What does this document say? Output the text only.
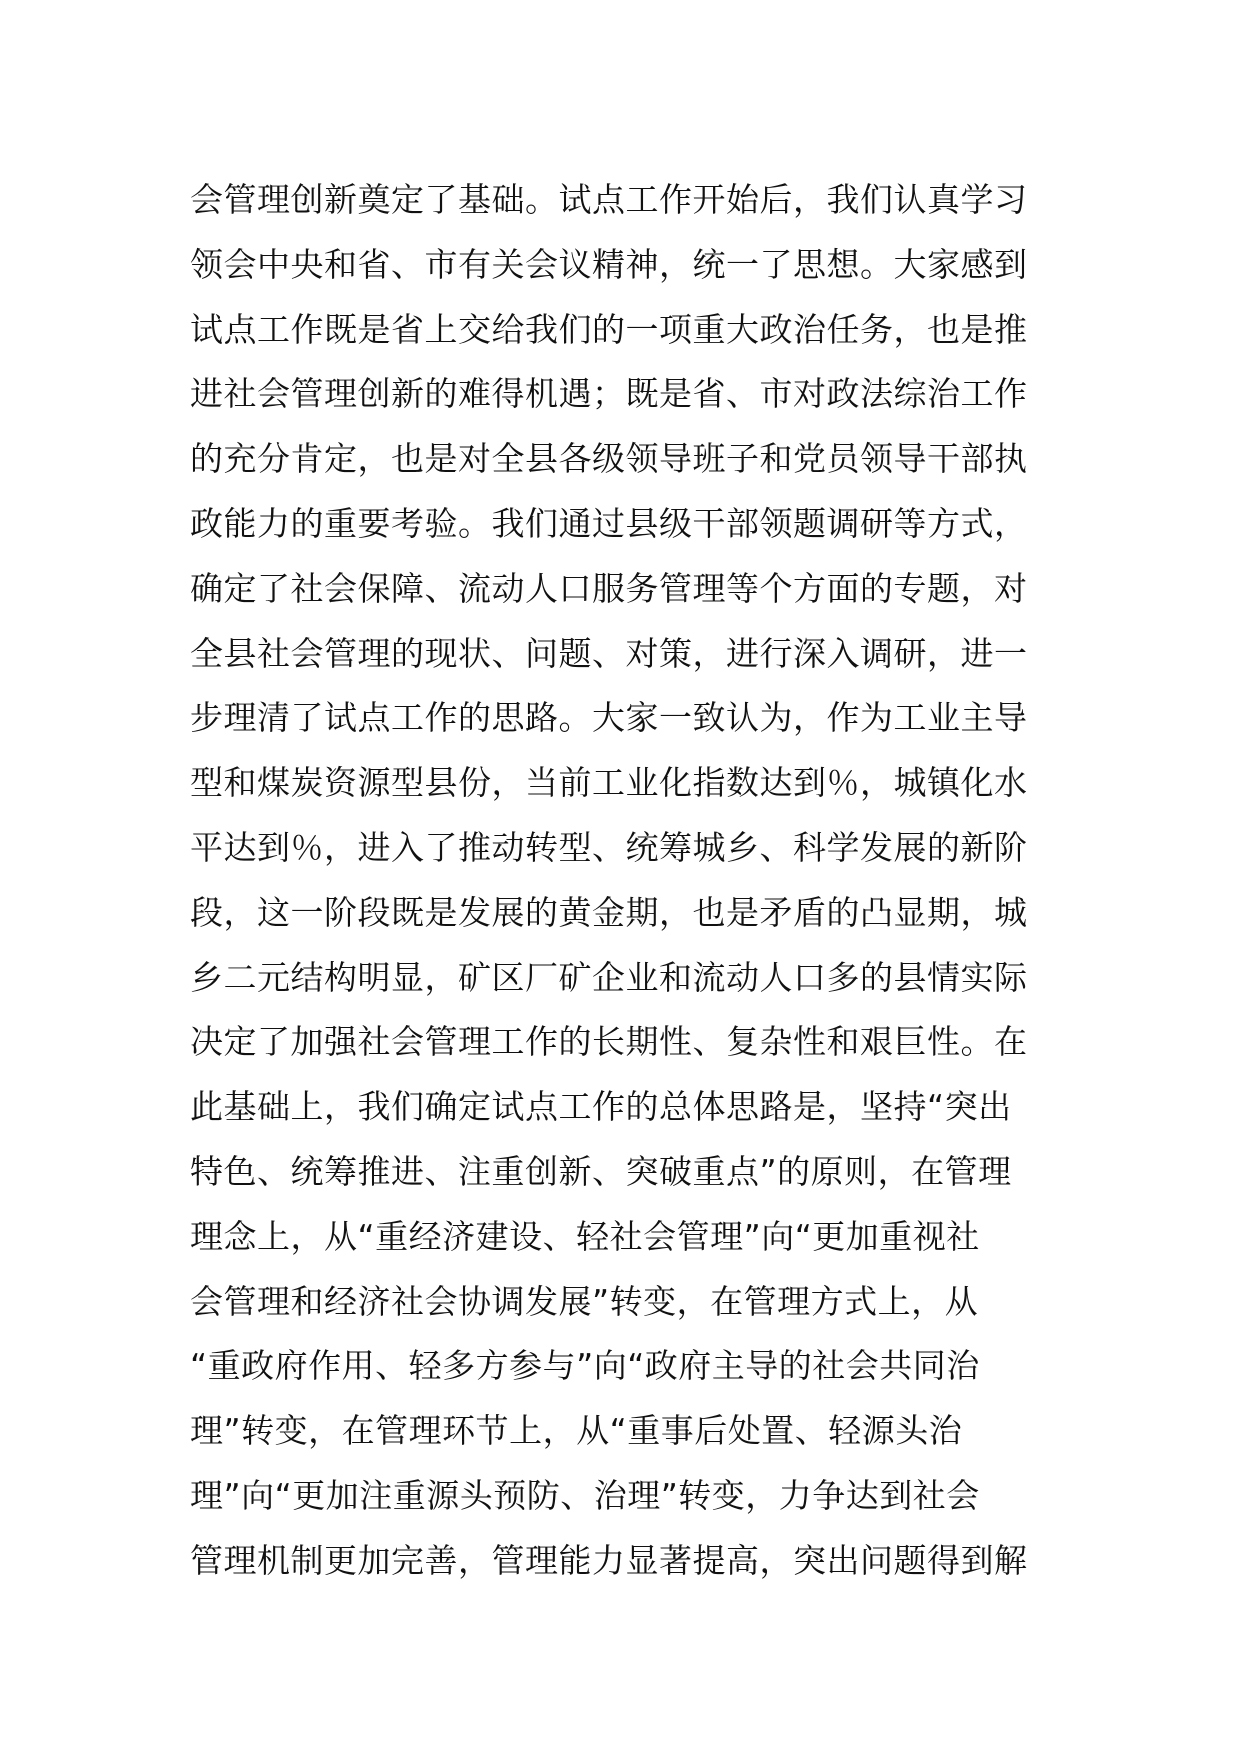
会管理创新奠定了基础。试点工作开始后，我们认真学习
领会中央和省、市有关会议精神，统一了思想。大家感到
试点工作既是省上交给我们的一项重大政治任务，也是推
进社会管理创新的难得机遇；既是省、市对政法综治工作
的充分肯定，也是对全县各级领导班子和党员领导干部执
政能力的重要考验。我们通过县级干部领题调研等方式，
确定了社会保障、流动人口服务管理等个方面的专题，对
全县社会管理的现状、问题、对策，进行深入调研，进一
步理清了试点工作的思路。大家一致认为，作为工业主导
型和煤炭资源型县份，当前工业化指数达到％，城镇化水
平达到％，进入了推动转型、统筹城乡、科学发展的新阶
段，这一阶段既是发展的黄金期，也是矛盾的凸显期，城
乡二元结构明显，矿区厂矿企业和流动人口多的县情实际
决定了加强社会管理工作的长期性、复杂性和艰巨性。在
此基础上，我们确定试点工作的总体思路是，坚持“突出
特色、统筹推进、注重创新、突破重点”的原则，在管理
理念上，从“重经济建设、轻社会管理”向“更加重视社
会管理和经济社会协调发展”转变，在管理方式上，从
“重政府作用、轻多方参与”向“政府主导的社会共同治
理”转变，在管理环节上，从“重事后处置、轻源头治
理”向“更加注重源头预防、治理”转变，力争达到社会
管理机制更加完善，管理能力显著提高，突出问题得到解
